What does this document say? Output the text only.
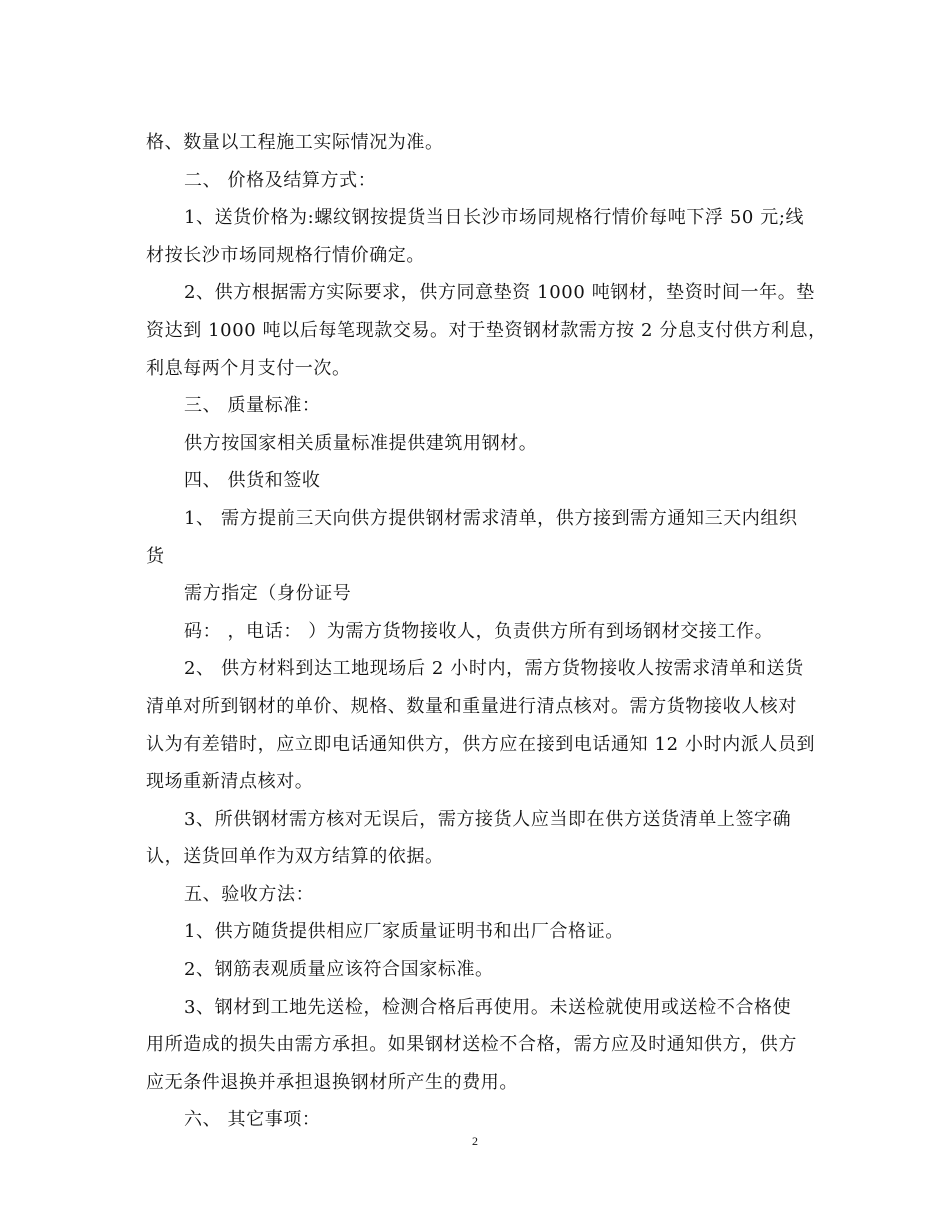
格、数量以工程施工实际情况为准。
二、 价格及结算方式：
1、送货价格为:螺纹钢按提货当日长沙市场同规格行情价每吨下浮 50 元;线
材按长沙市场同规格行情价确定。
2、供方根据需方实际要求，供方同意垫资 1000 吨钢材，垫资时间一年。垫
资达到 1000 吨以后每笔现款交易。对于垫资钢材款需方按 2 分息支付供方利息，
利息每两个月支付一次。
三、 质量标准：
供方按国家相关质量标准提供建筑用钢材。
四、 供货和签收
1、 需方提前三天向供方提供钢材需求清单，供方接到需方通知三天内组织
货
需方指定（身份证号
码： ，电话： ）为需方货物接收人，负责供方所有到场钢材交接工作。
2、 供方材料到达工地现场后 2 小时内，需方货物接收人按需求清单和送货
清单对所到钢材的单价、规格、数量和重量进行清点核对。需方货物接收人核对
认为有差错时，应立即电话通知供方，供方应在接到电话通知 12 小时内派人员到
现场重新清点核对。
3、所供钢材需方核对无误后，需方接货人应当即在供方送货清单上签字确
认，送货回单作为双方结算的依据。
五、验收方法：
1、供方随货提供相应厂家质量证明书和出厂合格证。
2、钢筋表观质量应该符合国家标准。
3、钢材到工地先送检，检测合格后再使用。未送检就使用或送检不合格使
用所造成的损失由需方承担。如果钢材送检不合格，需方应及时通知供方，供方
应无条件退换并承担退换钢材所产生的费用。
六、 其它事项：
2
